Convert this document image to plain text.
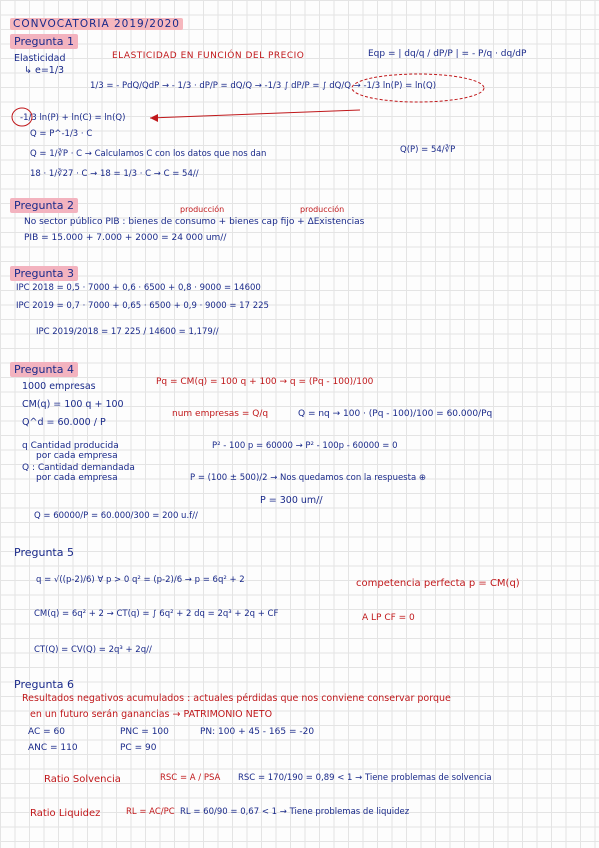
CONVOCATORIA 2019/2020
Pregunta 1
Elasticidad
↳ e=1/3
ELASTICIDAD EN FUNCIÓN DEL PRECIO	Eqp = | dq/q / dP/P | = - P/q · dq/dP
1/3 = - PdQ/QdP → - 1/3 · dP/P = dQ/Q → -1/3 ∫ dP/P = ∫ dQ/Q → -1/3 ln(P) = ln(Q)
-1/3 ln(P) + ln(C) = ln(Q)
Q = P^-1/3 · C
Q = 1/∛P · C → Calculamos C con los datos que nos dan	Q(P) = 54/∛P
18 · 1/∛27 · C → 18 = 1/3 · C → C = 54//
Pregunta 2	producción	producción
No sector público PIB : bienes de consumo + bienes cap fijo + ΔExistencias
PIB = 15.000 + 7.000 + 2000 = 24 000 um//
Pregunta 3
IPC 2018 = 0,5 · 7000 + 0,6 · 6500 + 0,8 · 9000 = 14600
IPC 2019 = 0,7 · 7000 + 0,65 · 6500 + 0,9 · 9000 = 17 225
IPC 2019/2018 = 17 225 / 14600 = 1,179//
Pregunta 4
1000 empresas
CM(q) = 100 q + 100
Q^d = 60.000 / P
q Cantidad producida
por cada empresa
Q : Cantidad demandada
por cada empresa
Pq = CM(q) = 100 q + 100 → q = (Pq - 100)/100
num empresas = Q/q	Q = nq → 100 · (Pq - 100)/100 = 60.000/Pq
P² - 100 p = 60000 → P² - 100p - 60000 = 0
P = (100 ± 500)/2 → Nos quedamos con la respuesta ⊕
P = 300 um//
Q = 60000/P = 60.000/300 = 200 u.f//
Pregunta 5
q = √((p-2)/6) ∀ p > 0 q² = (p-2)/6 → p = 6q² + 2	competencia perfecta p = CM(q)
CM(q) = 6q² + 2 → CT(q) = ∫ 6q² + 2 dq = 2q³ + 2q + CF	A LP CF = 0
CT(Q) = CV(Q) = 2q³ + 2q//
Pregunta 6
Resultados negativos acumulados : actuales pérdidas que nos conviene conservar porque
en un futuro serán ganancias → PATRIMONIO NETO
AC = 60	PNC = 100	PN: 100 + 45 - 165 = -20
ANC = 110	PC = 90
Ratio Solvencia	RSC = A / PSA RSC = 170/190 = 0,89 < 1 → Tiene problemas de solvencia
Ratio Liquidez	RL = AC/PC RL = 60/90 = 0,67 < 1 → Tiene problemas de liquidez
